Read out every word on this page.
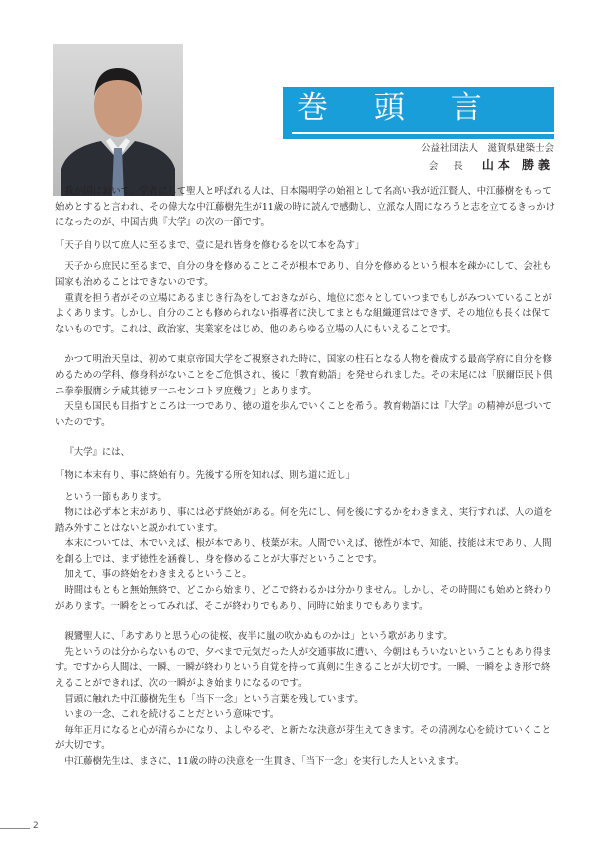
巻 頭 言
公益社団法人　滋賀県建築士会
会 長 山本 勝義

我が国において、学者にして聖人と呼ばれる人は、日本陽明学の始祖として名高い我が近江賢人、中江藤樹をもって始めとすると言われ、その偉大な中江藤樹先生が11歳の時に読んで感動し、立派な人間になろうと志を立てるきっかけになったのが、中国古典『大学』の次の一節です。

「天子自り以て庶人に至るまで、壹に是れ皆身を修むるを以て本を為す」

天子から庶民に至るまで、自分の身を修めることこそが根本であり、自分を修めるという根本を疎かにして、会社も国家も治めることはできないのです。

重責を担う者がその立場にあるまじき行為をしておきながら、地位に恋々としていつまでもしがみついていることがよくあります。しかし、自分のことも修められない指導者に決してまともな組織運営はできず、その地位も長くは保てないものです。これは、政治家、実業家をはじめ、他のあらゆる立場の人にもいえることです。

かつて明治天皇は、初めて東京帝国大学をご視察された時に、国家の柱石となる人物を養成する最高学府に自分を修めるための学科、修身科がないことをご危惧され、後に「教育勅語」を発せられました。その末尾には「朕爾臣民ト倶ニ拳拳服膺シテ咸其徳ヲ一ニセンコトヲ庶幾フ」とあります。

天皇も国民も目指すところは一つであり、徳の道を歩んでいくことを希う。教育勅語には『大学』の精神が息づいていたのです。

『大学』には、

「物に本末有り、事に終始有り。先後する所を知れば、則ち道に近し」

という一節もあります。

物には必ず本と末があり、事には必ず終始がある。何を先にし、何を後にするかをわきまえ、実行すれば、人の道を踏み外すことはないと説かれています。

本末については、木でいえば、根が本であり、枝葉が末。人間でいえば、徳性が本で、知能、技能は末であり、人間を創る上では、まず徳性を涵養し、身を修めることが大事だということです。

加えて、事の終始をわきまえるということ。

時間はもともと無始無終で、どこから始まり、どこで終わるかは分かりません。しかし、その時間にも始めと終わりがあります。一瞬をとってみれば、そこが終わりでもあり、同時に始まりでもあります。

親鸞聖人に、「あすありと思う心の徒桜、夜半に嵐の吹かぬものかは」という歌があります。

先というのは分からないもので、夕べまで元気だった人が交通事故に遭い、今朝はもういないということもあり得ます。ですから人間は、一瞬、一瞬が終わりという自覚を持って真剣に生きることが大切です。一瞬、一瞬をよき形で終えることができれば、次の一瞬がよき始まりになるのです。

冒頭に触れた中江藤樹先生も「当下一念」という言葉を残しています。

いまの一念、これを続けることだという意味です。

毎年正月になると心が清らかになり、よしやるぞ、と新たな決意が芽生えてきます。その清冽な心を続けていくことが大切です。

中江藤樹先生は、まさに、11歳の時の決意を一生貫き、「当下一念」を実行した人といえます。

2
